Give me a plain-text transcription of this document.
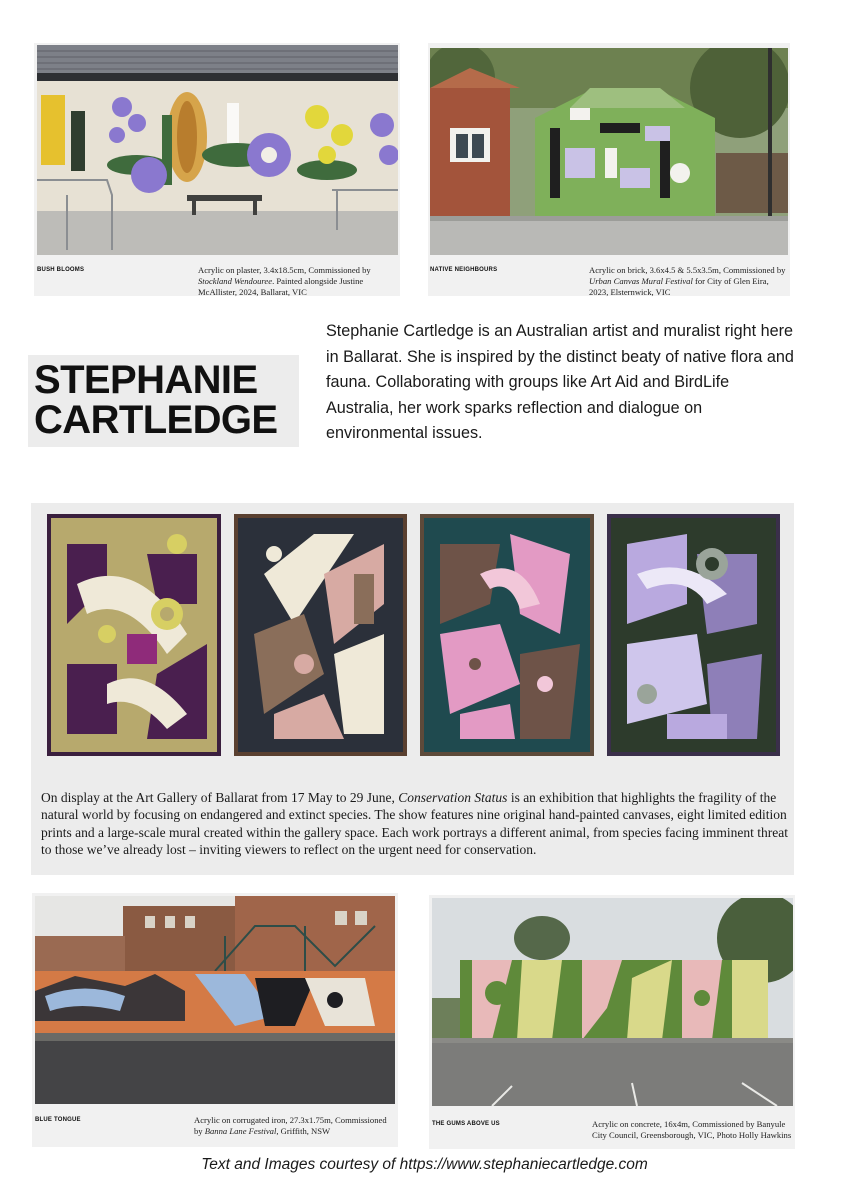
BUSH BLOOMS	Acrylic on plaster, 3.4x18.5cm, Commissioned by Stockland Wendouree. Painted alongside Justine McAllister, 2024, Ballarat, VIC
NATIVE NEIGHBOURS	Acrylic on brick, 3.6x4.5 & 5.5x3.5m, Commissioned by Urban Canvas Mural Festival for City of Glen Eira, 2023, Elsternwick, VIC
STEPHANIE
CARTLEDGE
Stephanie Cartledge is an Australian artist and muralist right here in Ballarat. She is inspired by the distinct beaty of native flora and fauna. Collaborating with groups like Art Aid and BirdLife Australia, her work sparks reflection and dialogue on environmental issues.
On display at the Art Gallery of Ballarat from 17 May to 29 June, Conservation Status is an exhibition that highlights the fragility of the natural world by focusing on endangered and extinct species. The show features nine original hand-painted canvases, eight limited edition prints and a large-scale mural created within the gallery space. Each work portrays a different animal, from species facing imminent threat to those we’ve already lost – inviting viewers to reflect on the urgent need for conservation.
BLUE TONGUE	Acrylic on corrugated iron, 27.3x1.75m, Commissioned by Banna Lane Festival, Griffith, NSW
THE GUMS ABOVE US	Acrylic on concrete, 16x4m, Commissioned by Banyule City Council, Greensborough, VIC, Photo Holly Hawkins
Text and Images courtesy of https://www.stephaniecartledge.com
